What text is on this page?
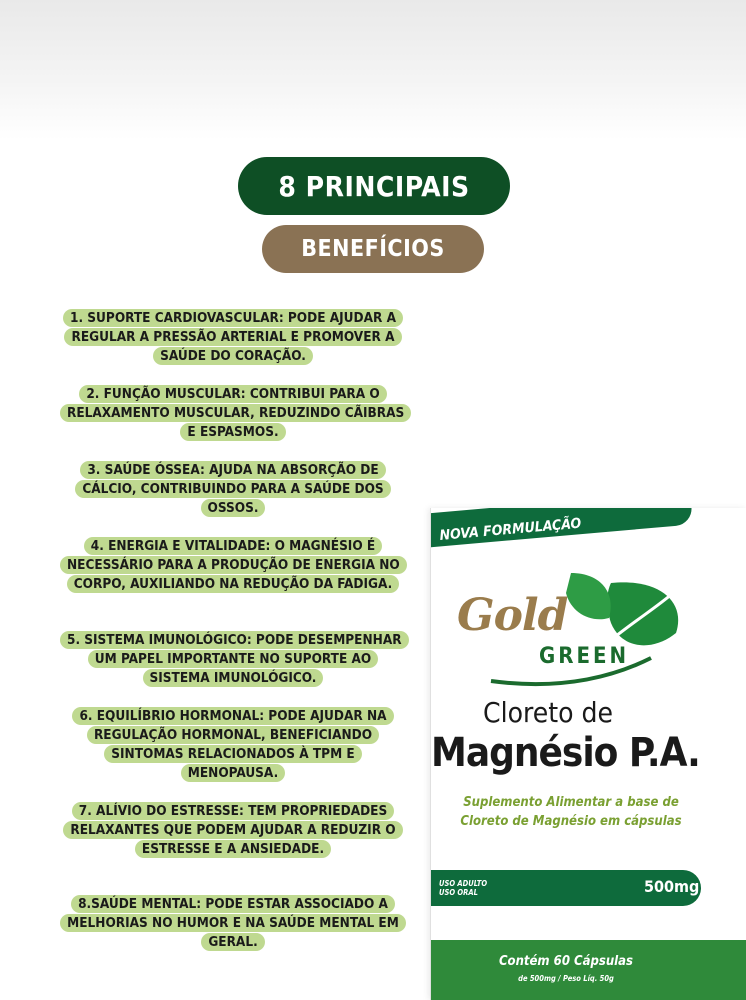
8 PRINCIPAIS
BENEFÍCIOS
1. SUPORTE CARDIOVASCULAR: PODE AJUDAR A REGULAR A PRESSÃO ARTERIAL E PROMOVER A SAÚDE DO CORAÇÃO.
2. FUNÇÃO MUSCULAR: CONTRIBUI PARA O RELAXAMENTO MUSCULAR, REDUZINDO CÃIBRAS E ESPASMOS.
3. SAÚDE ÓSSEA: AJUDA NA ABSORÇÃO DE CÁLCIO, CONTRIBUINDO PARA A SAÚDE DOS OSSOS.
4. ENERGIA E VITALIDADE: O MAGNÉSIO É NECESSÁRIO PARA A PRODUÇÃO DE ENERGIA NO CORPO, AUXILIANDO NA REDUÇÃO DA FADIGA.
5. SISTEMA IMUNOLÓGICO: PODE DESEMPENHAR UM PAPEL IMPORTANTE NO SUPORTE AO SISTEMA IMUNOLÓGICO.
6. EQUILÍBRIO HORMONAL: PODE AJUDAR NA REGULAÇÃO HORMONAL, BENEFICIANDO SINTOMAS RELACIONADOS À TPM E MENOPAUSA.
7. ALÍVIO DO ESTRESSE: TEM PROPRIEDADES RELAXANTES QUE PODEM AJUDAR A REDUZIR O ESTRESSE E A ANSIEDADE.
8.SAÚDE MENTAL: PODE ESTAR ASSOCIADO A MELHORIAS NO HUMOR E NA SAÚDE MENTAL EM GERAL.
NOVA FORMULAÇÃO
Gold
GREEN
Cloreto de
Magnésio P.A.
Suplemento Alimentar a base de Cloreto de Magnésio em cápsulas
USO ADULTO
USO ORAL	500mg
Contém 60 Cápsulas
de 500mg / Peso Líq. 50g
